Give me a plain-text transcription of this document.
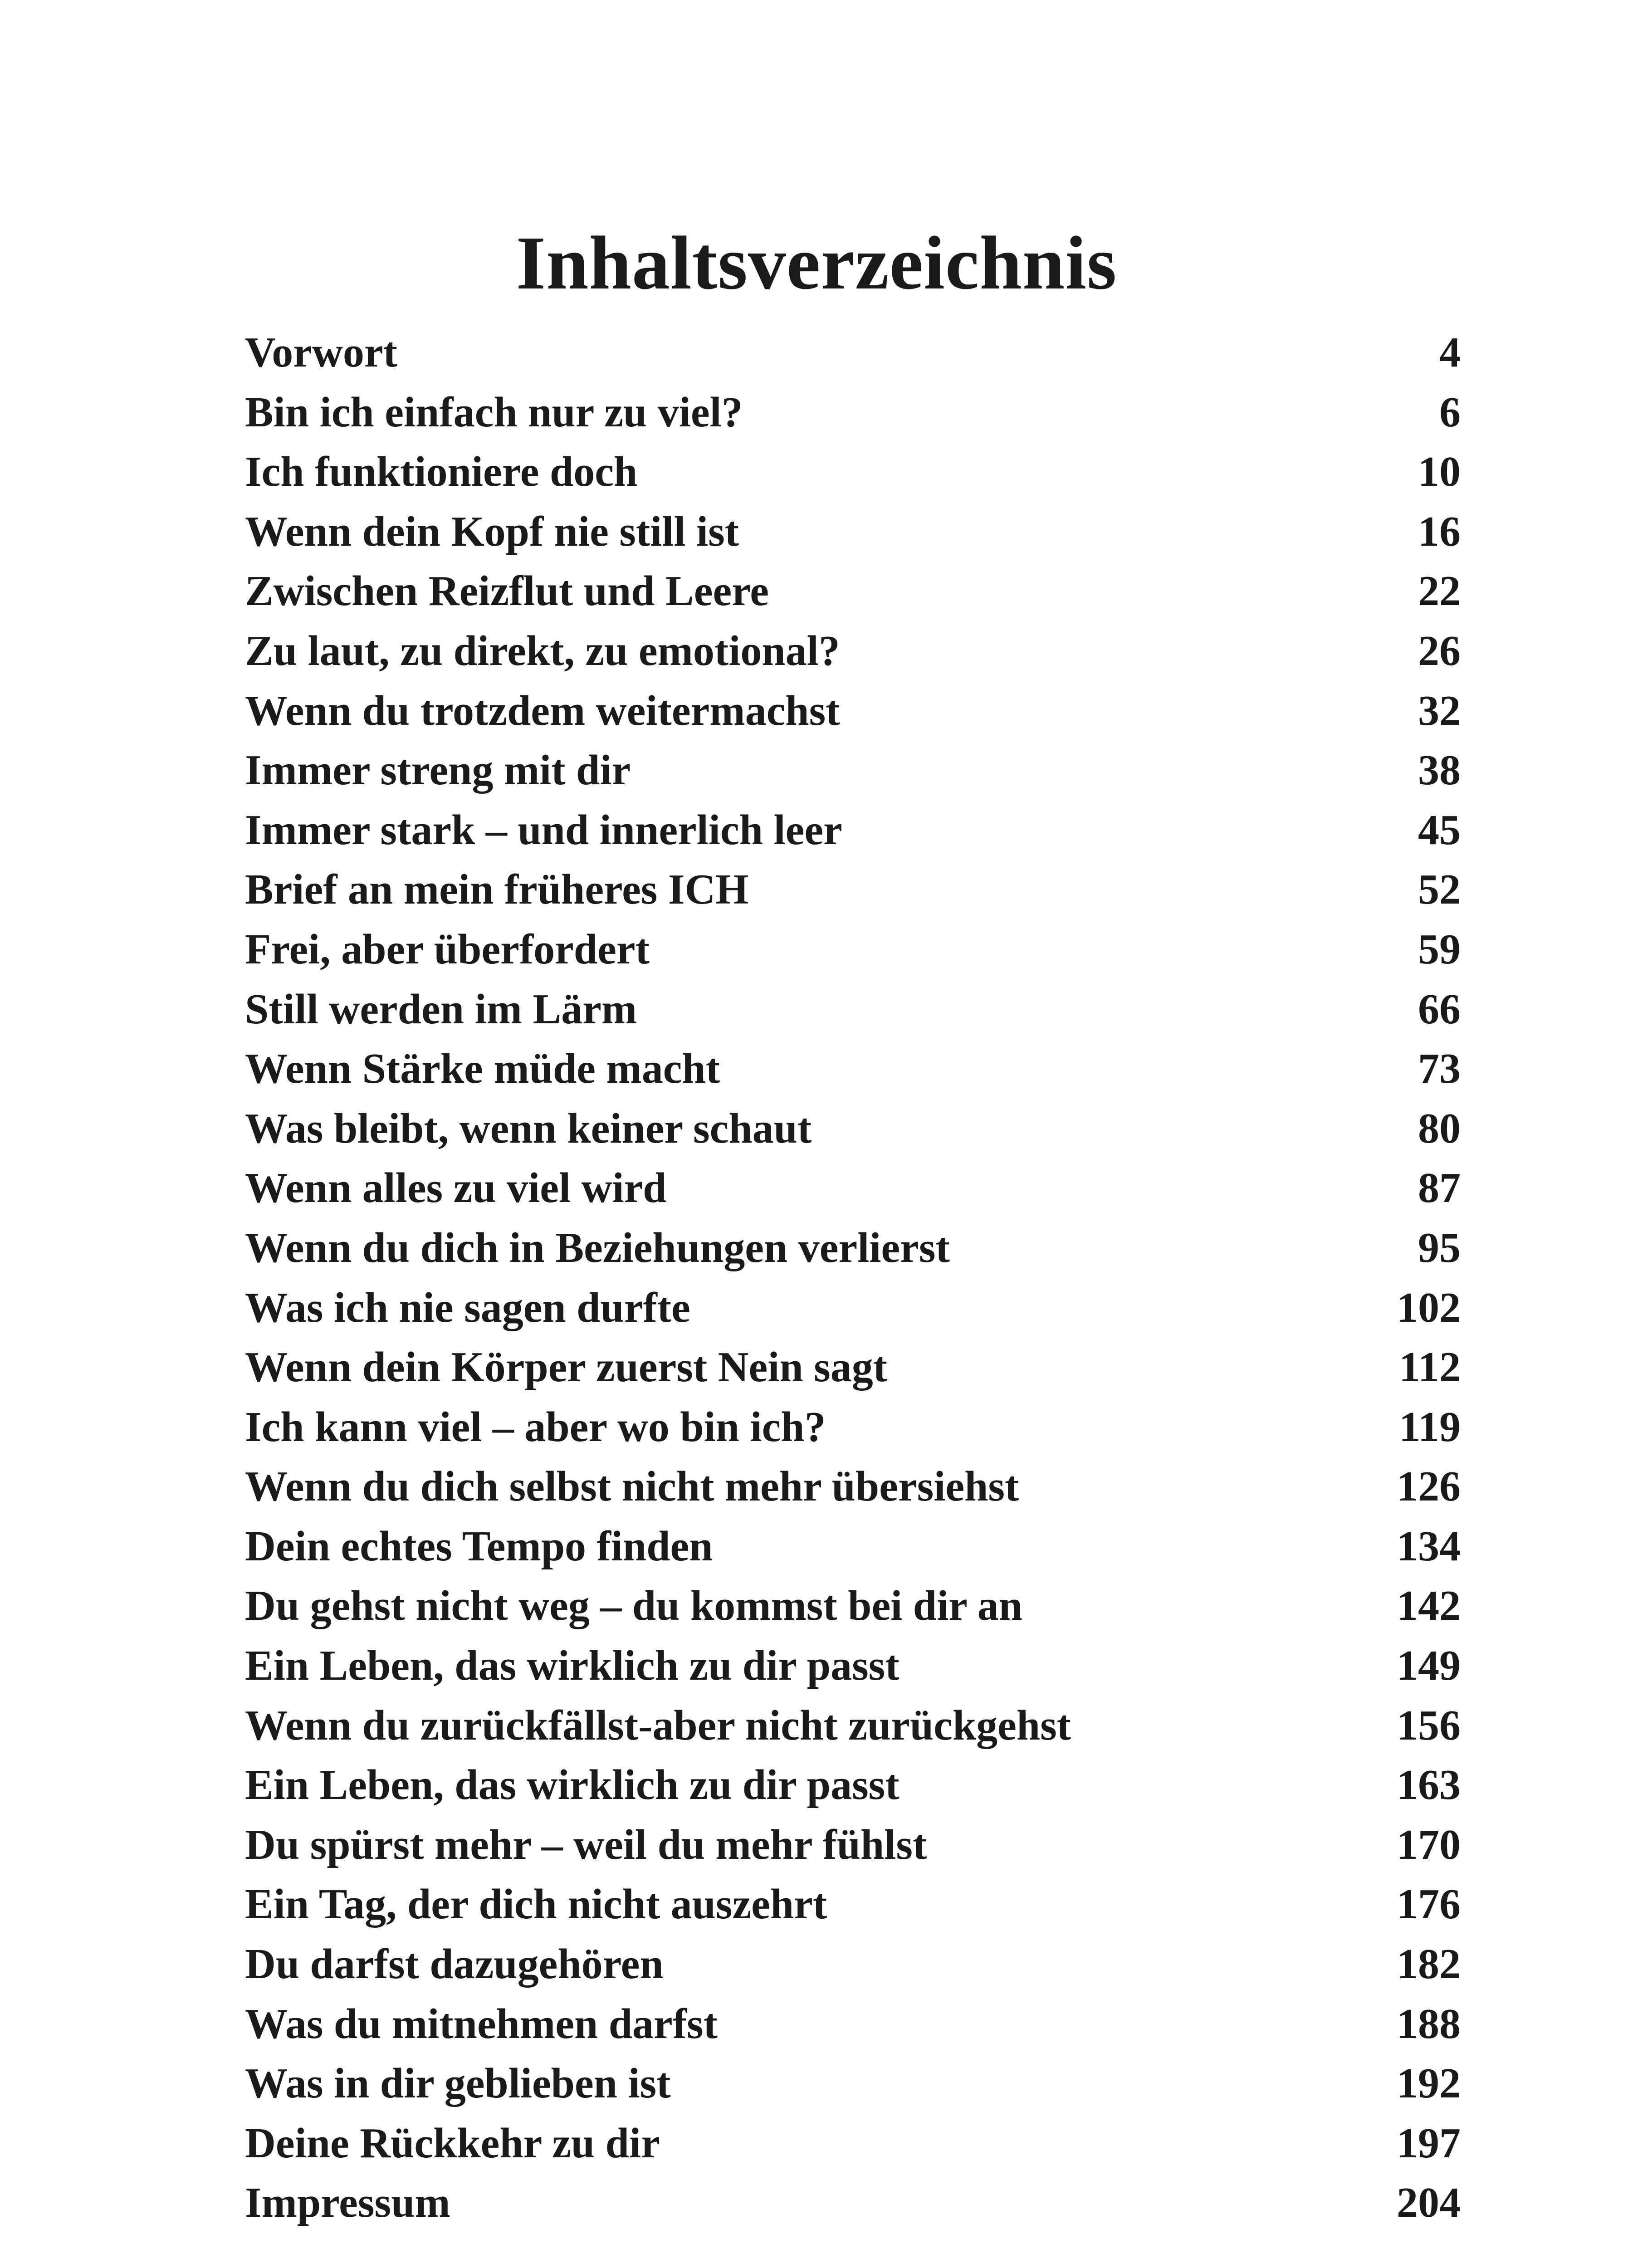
Inhaltsverzeichnis
Vorwort	4
Bin ich einfach nur zu viel?	6
Ich funktioniere doch	10
Wenn dein Kopf nie still ist	16
Zwischen Reizflut und Leere	22
Zu laut, zu direkt, zu emotional?	26
Wenn du trotzdem weitermachst	32
Immer streng mit dir	38
Immer stark – und innerlich leer	45
Brief an mein früheres ICH	52
Frei, aber überfordert	59
Still werden im Lärm	66
Wenn Stärke müde macht	73
Was bleibt, wenn keiner schaut	80
Wenn alles zu viel wird	87
Wenn du dich in Beziehungen verlierst	95
Was ich nie sagen durfte	102
Wenn dein Körper zuerst Nein sagt	112
Ich kann viel – aber wo bin ich?	119
Wenn du dich selbst nicht mehr übersiehst	126
Dein echtes Tempo finden	134
Du gehst nicht weg – du kommst bei dir an	142
Ein Leben, das wirklich zu dir passt	149
Wenn du zurückfällst-aber nicht zurückgehst	156
Ein Leben, das wirklich zu dir passt	163
Du spürst mehr – weil du mehr fühlst	170
Ein Tag, der dich nicht auszehrt	176
Du darfst dazugehören	182
Was du mitnehmen darfst	188
Was in dir geblieben ist	192
Deine Rückkehr zu dir	197
Impressum	204
